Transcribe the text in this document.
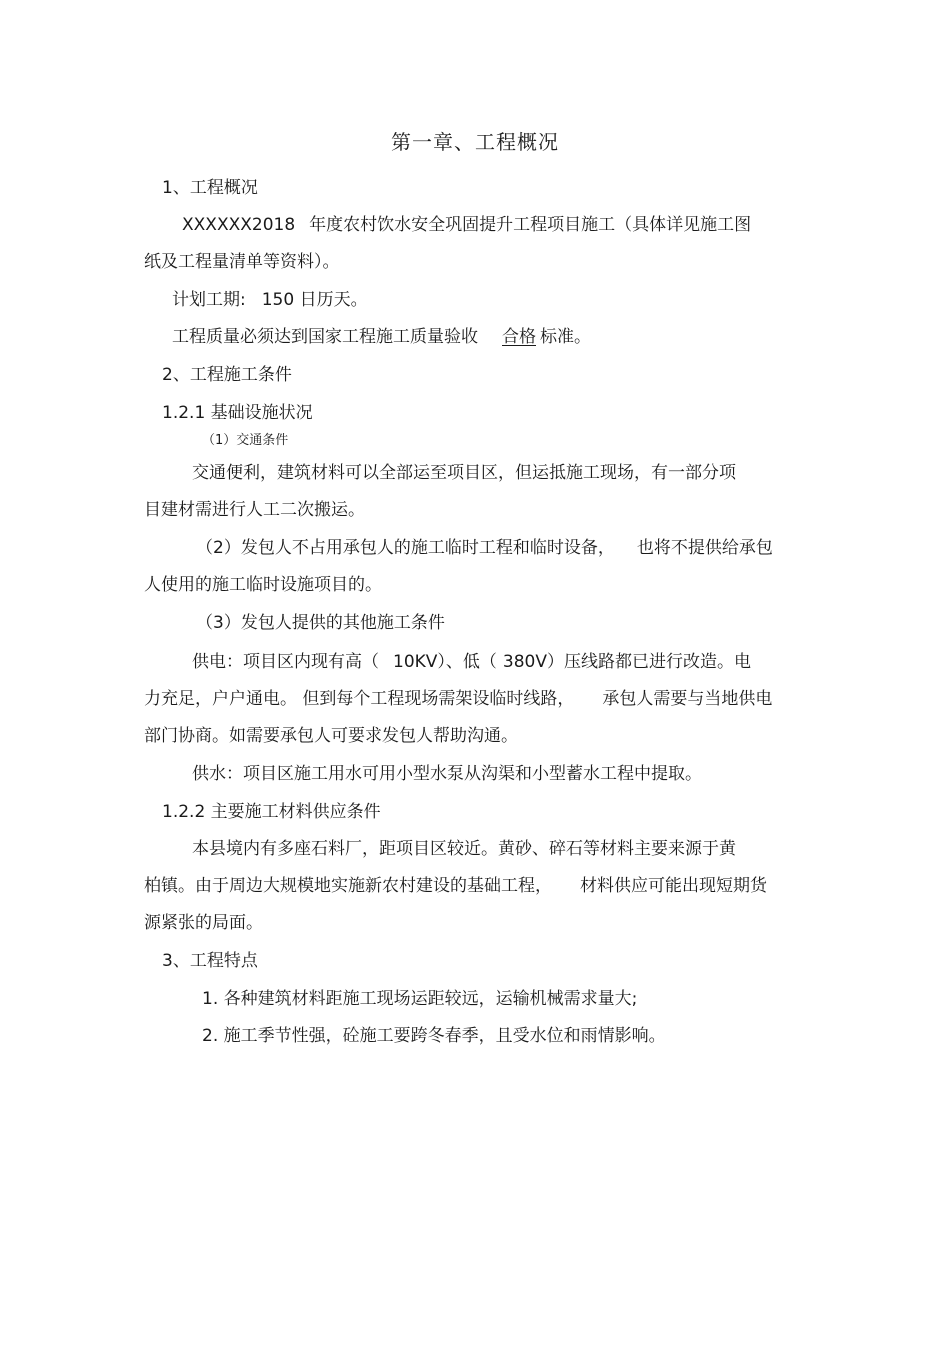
第一章、工程概况
1、工程概况
XXXXXX2018 年度农村饮水安全巩固提升工程项目施工（具体详见施工图
纸及工程量清单等资料）。
计划工期: 150 日历天。
工程质量必须达到国家工程施工质量验收 合格 标准。
2、工程施工条件
1.2.1 基础设施状况
（1）交通条件
交通便利，建筑材料可以全部运至项目区，但运抵施工现场，有一部分项
目建材需进行人工二次搬运。
（2）发包人不占用承包人的施工临时工程和临时设备， 也将不提供给承包
人使用的施工临时设施项目的。
（3）发包人提供的其他施工条件
供电：项目区内现有高（ 10KV）、低（ 380V）压线路都已进行改造。电
力充足，户户通电。 但到每个工程现场需架设临时线路， 承包人需要与当地供电
部门协商。如需要承包人可要求发包人帮助沟通。
供水：项目区施工用水可用小型水泵从沟渠和小型蓄水工程中提取。
1.2.2 主要施工材料供应条件
本县境内有多座石料厂，距项目区较近。黄砂、碎石等材料主要来源于黄
柏镇。由于周边大规模地实施新农村建设的基础工程， 材料供应可能出现短期货
源紧张的局面。
3、工程特点
1. 各种建筑材料距施工现场运距较远，运输机械需求量大;
2. 施工季节性强，砼施工要跨冬春季，且受水位和雨情影响。
